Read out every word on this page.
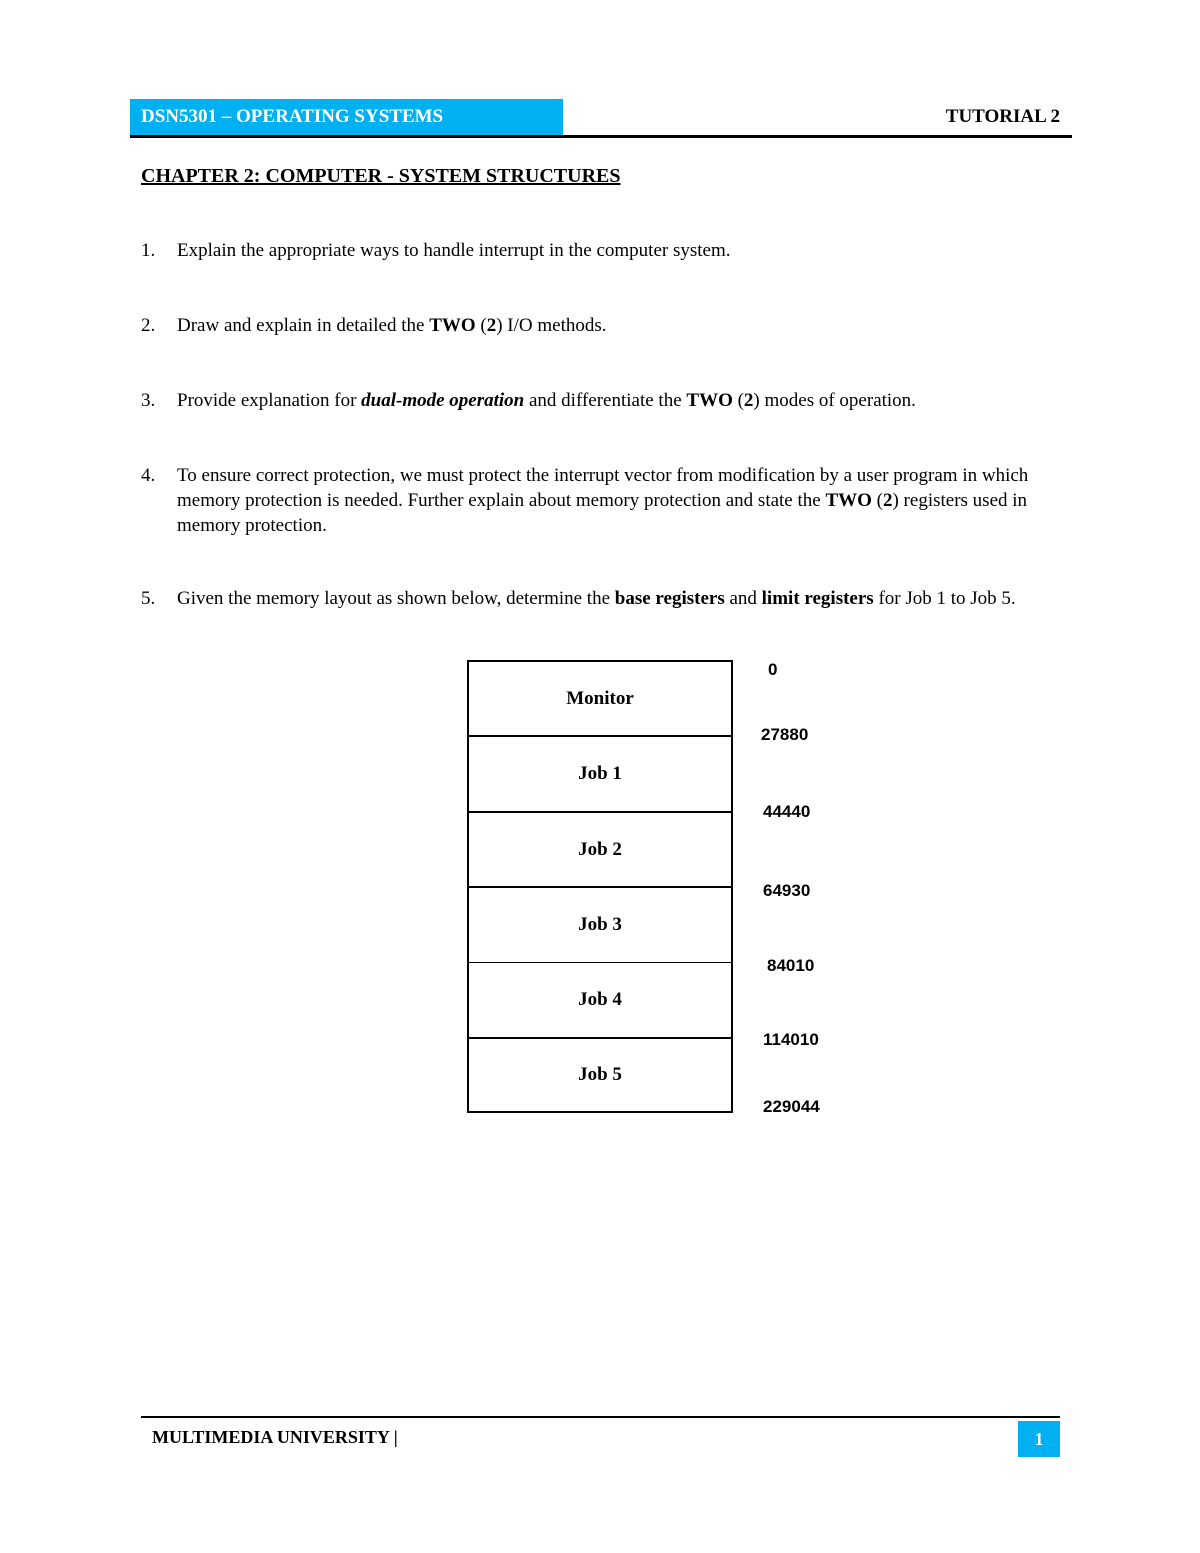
DSN5301 – OPERATING SYSTEMS	TUTORIAL 2
CHAPTER 2: COMPUTER - SYSTEM STRUCTURES
1. Explain the appropriate ways to handle interrupt in the computer system.
2. Draw and explain in detailed the TWO (2) I/O methods.
3. Provide explanation for dual-mode operation and differentiate the TWO (2) modes of operation.
4. To ensure correct protection, we must protect the interrupt vector from modification by a user program in which memory protection is needed. Further explain about memory protection and state the TWO (2) registers used in memory protection.
5. Given the memory layout as shown below, determine the base registers and limit registers for Job 1 to Job 5.
Monitor
Job 1
Job 2
Job 3
Job 4
Job 5
0
27880
44440
64930
84010
114010
229044
MULTIMEDIA UNIVERSITY |	1
